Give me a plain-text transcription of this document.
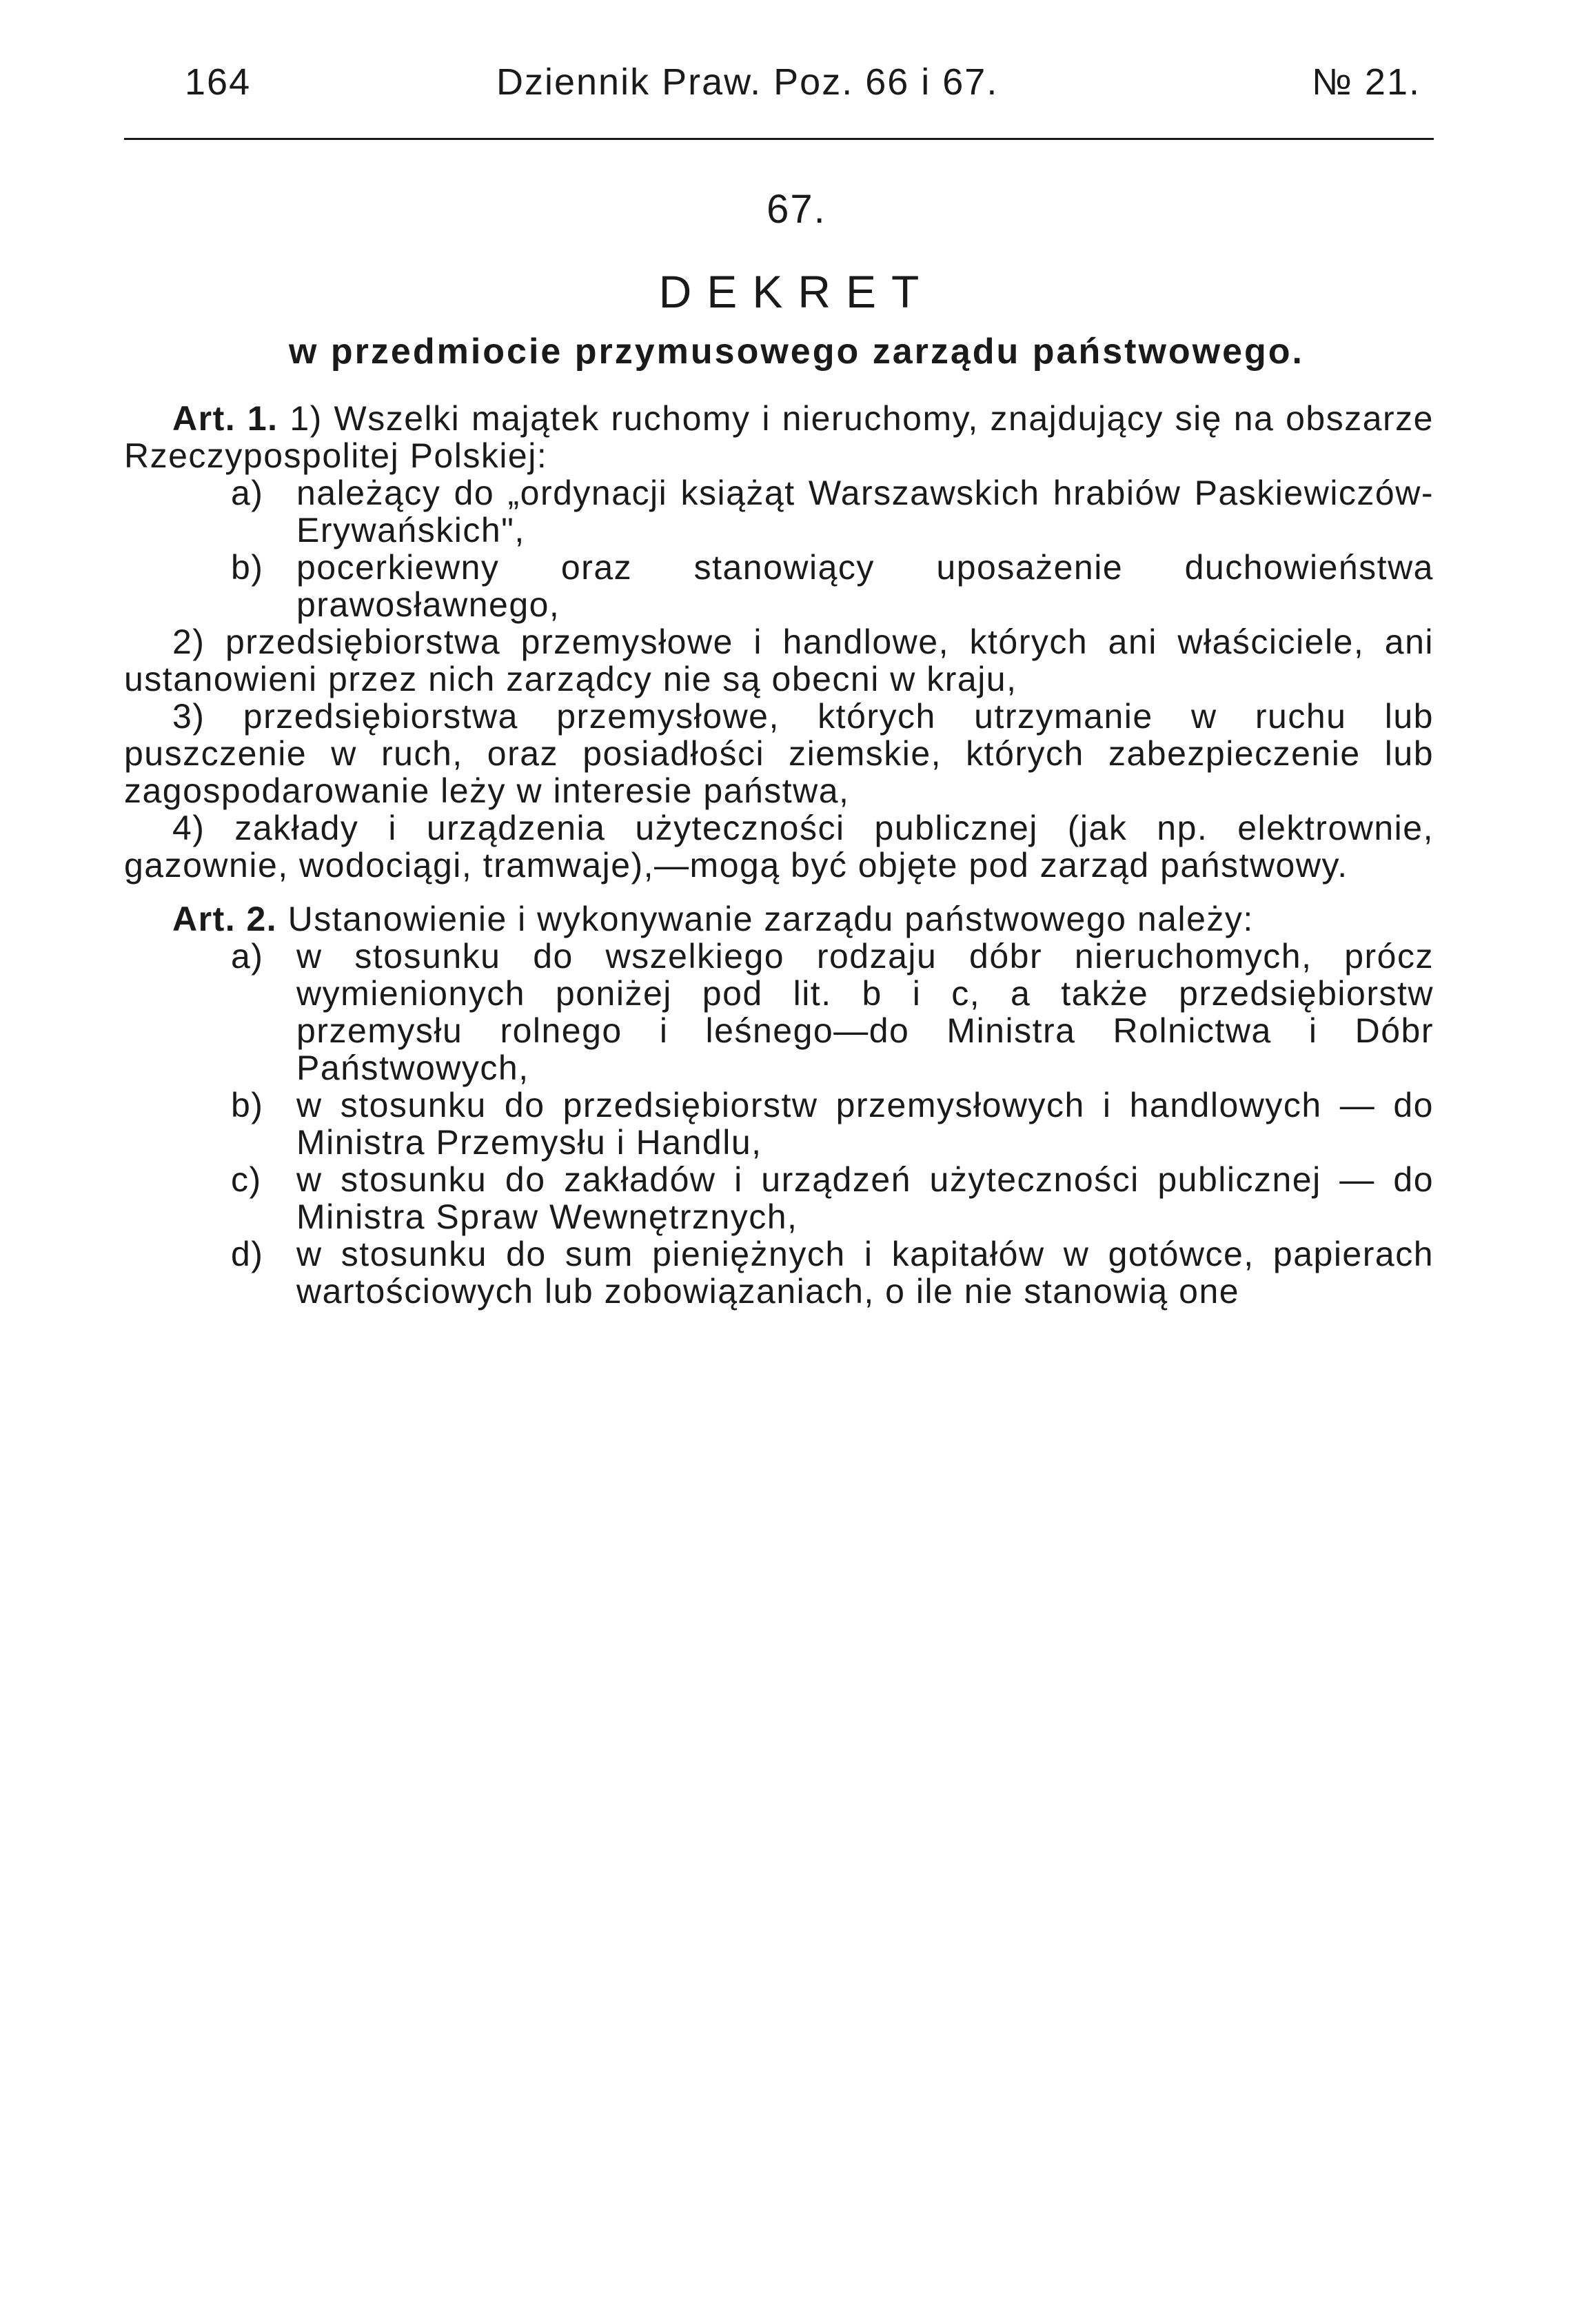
164	Dziennik Praw. Poz. 66 i 67.	№ 21.
67.
DEKRET
w przedmiocie przymusowego zarządu państwowego.

Art. 1. 1) Wszelki majątek ruchomy i nieruchomy, znajdujący się na obszarze Rzeczypospolitej Polskiej:

a) należący do „ordynacji książąt Warszawskich hrabiów Paskiewiczów-Erywańskich",
b) pocerkiewny oraz stanowiący uposażenie duchowieństwa prawosławnego,

2) przedsiębiorstwa przemysłowe i handlowe, których ani właściciele, ani ustanowieni przez nich zarządcy nie są obecni w kraju,

3) przedsiębiorstwa przemysłowe, których utrzymanie w ruchu lub puszczenie w ruch, oraz posiadłości ziemskie, których zabezpieczenie lub zagospodarowanie leży w interesie państwa,

4) zakłady i urządzenia użyteczności publicznej (jak np. elektrownie, gazownie, wodociągi, tramwaje),—mogą być objęte pod zarząd państwowy.

Art. 2. Ustanowienie i wykonywanie zarządu państwowego należy:

a) w stosunku do wszelkiego rodzaju dóbr nieruchomych, prócz wymienionych poniżej pod lit. b i c, a także przedsiębiorstw przemysłu rolnego i leśnego—do Ministra Rolnictwa i Dóbr Państwowych,
b) w stosunku do przedsiębiorstw przemysłowych i handlowych — do Ministra Przemysłu i Handlu,
c) w stosunku do zakładów i urządzeń użyteczności publicznej — do Ministra Spraw Wewnętrznych,
d) w stosunku do sum pieniężnych i kapitałów w gotówce, papierach wartościowych lub zobowiązaniach, o ile nie stanowią one
